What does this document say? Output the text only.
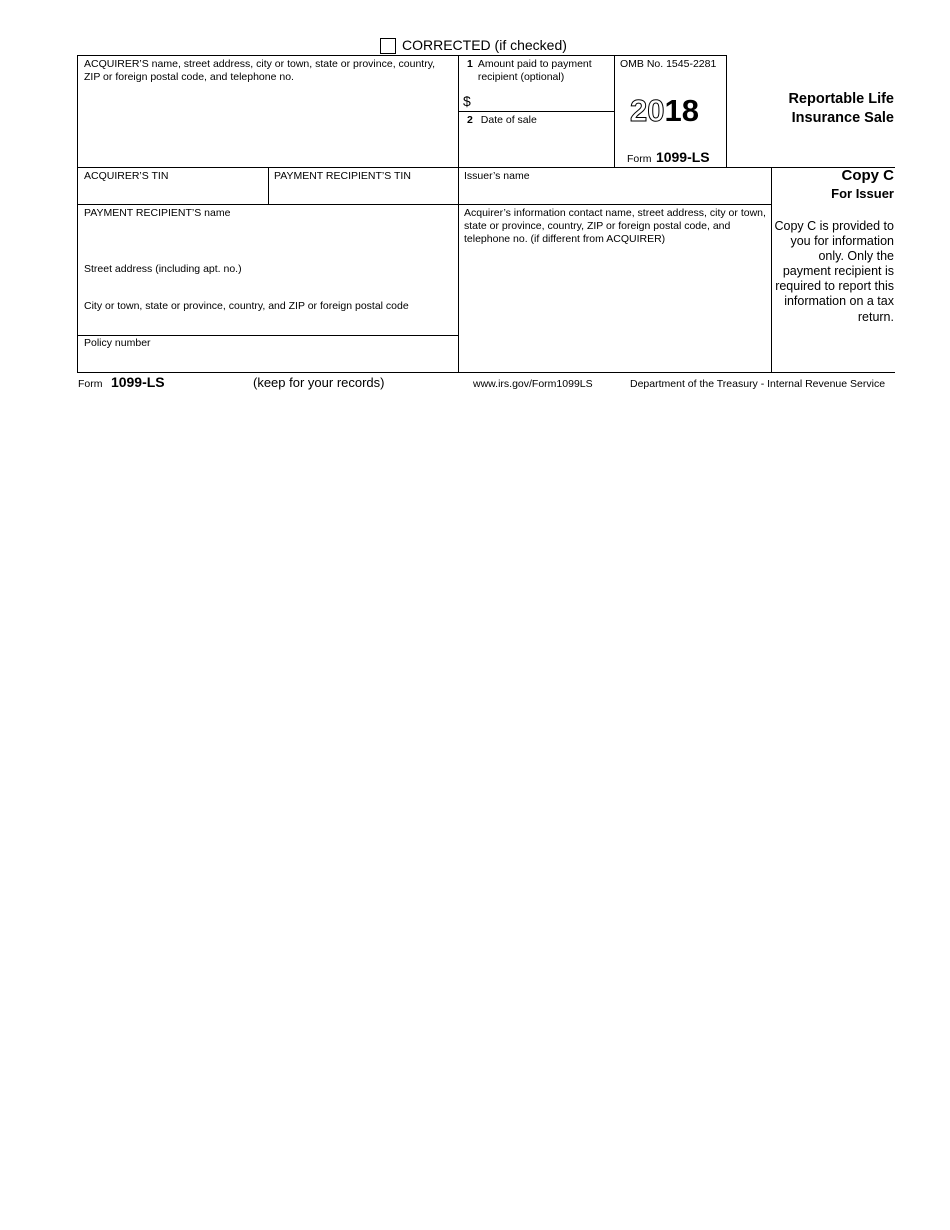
CORRECTED (if checked)
ACQUIRER’S name, street address, city or town, state or province, country, ZIP or foreign postal code, and telephone no.
1 Amount paid to payment recipient (optional)
$
2 Date of sale
OMB No. 1545-2281
2018
Form 1099-LS
Reportable Life
Insurance Sale
ACQUIRER’S TIN	PAYMENT RECIPIENT’S TIN	Issuer’s name	Copy C
For Issuer
Copy C is provided to you for information only. Only the payment recipient is required to report this information on a tax return.
PAYMENT RECIPIENT’S name	Acquirer’s information contact name, street address, city or town, state or province, country, ZIP or foreign postal code, and telephone no. (if different from ACQUIRER)
Street address (including apt. no.)
City or town, state or province, country, and ZIP or foreign postal code
Policy number
Form 1099-LS	(keep for your records)	www.irs.gov/Form1099LS	Department of the Treasury - Internal Revenue Service
